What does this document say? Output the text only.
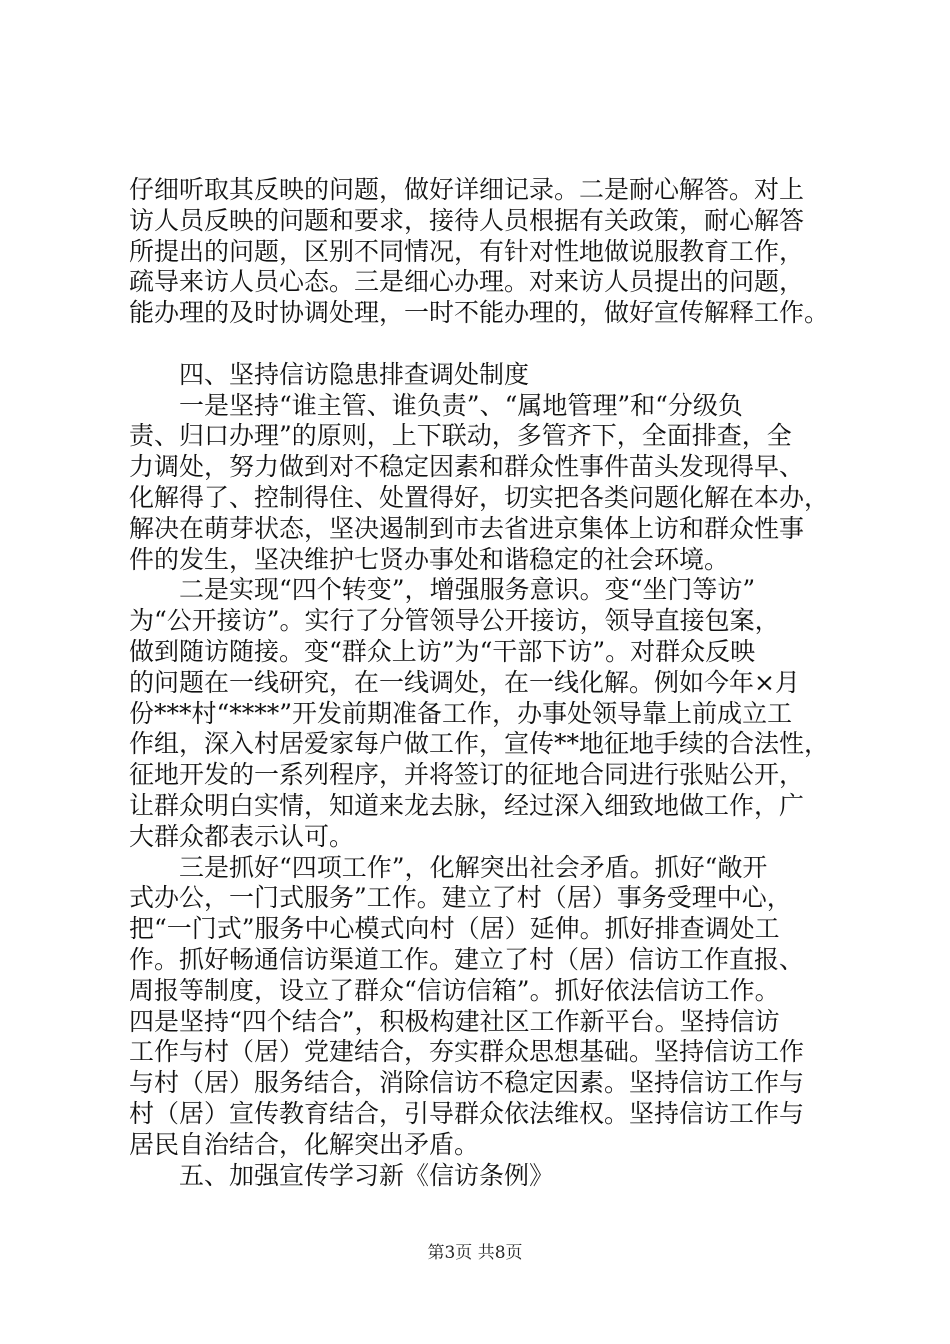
仔细听取其反映的问题，做好详细记录。二是耐心解答。对上
访人员反映的问题和要求，接待人员根据有关政策，耐心解答
所提出的问题，区别不同情况，有针对性地做说服教育工作，
疏导来访人员心态。三是细心办理。对来访人员提出的问题，
能办理的及时协调处理，一时不能办理的，做好宣传解释工作。
　　四、坚持信访隐患排查调处制度
　　一是坚持“谁主管、谁负责”、“属地管理”和“分级负
责、归口办理”的原则，上下联动，多管齐下，全面排查，全
力调处，努力做到对不稳定因素和群众性事件苗头发现得早、
化解得了、控制得住、处置得好，切实把各类问题化解在本办，
解决在萌芽状态，坚决遏制到市去省进京集体上访和群众性事
件的发生，坚决维护七贤办事处和谐稳定的社会环境。
　　二是实现“四个转变”，增强服务意识。变“坐门等访”
为“公开接访”。实行了分管领导公开接访，领导直接包案，
做到随访随接。变“群众上访”为“干部下访”。对群众反映
的问题在一线研究，在一线调处，在一线化解。例如今年×月
份***村“****”开发前期准备工作，办事处领导靠上前成立工
作组，深入村居爱家每户做工作，宣传**地征地手续的合法性，
征地开发的一系列程序，并将签订的征地合同进行张贴公开，
让群众明白实情，知道来龙去脉，经过深入细致地做工作，广
大群众都表示认可。
　　三是抓好“四项工作”，化解突出社会矛盾。抓好“敞开
式办公，一门式服务”工作。建立了村（居）事务受理中心，
把“一门式”服务中心模式向村（居）延伸。抓好排查调处工
作。抓好畅通信访渠道工作。建立了村（居）信访工作直报、
周报等制度，设立了群众“信访信箱”。抓好依法信访工作。
四是坚持“四个结合”，积极构建社区工作新平台。坚持信访
工作与村（居）党建结合，夯实群众思想基础。坚持信访工作
与村（居）服务结合，消除信访不稳定因素。坚持信访工作与
村（居）宣传教育结合，引导群众依法维权。坚持信访工作与
居民自治结合，化解突出矛盾。
　　五、加强宣传学习新《信访条例》
第3页 共8页
